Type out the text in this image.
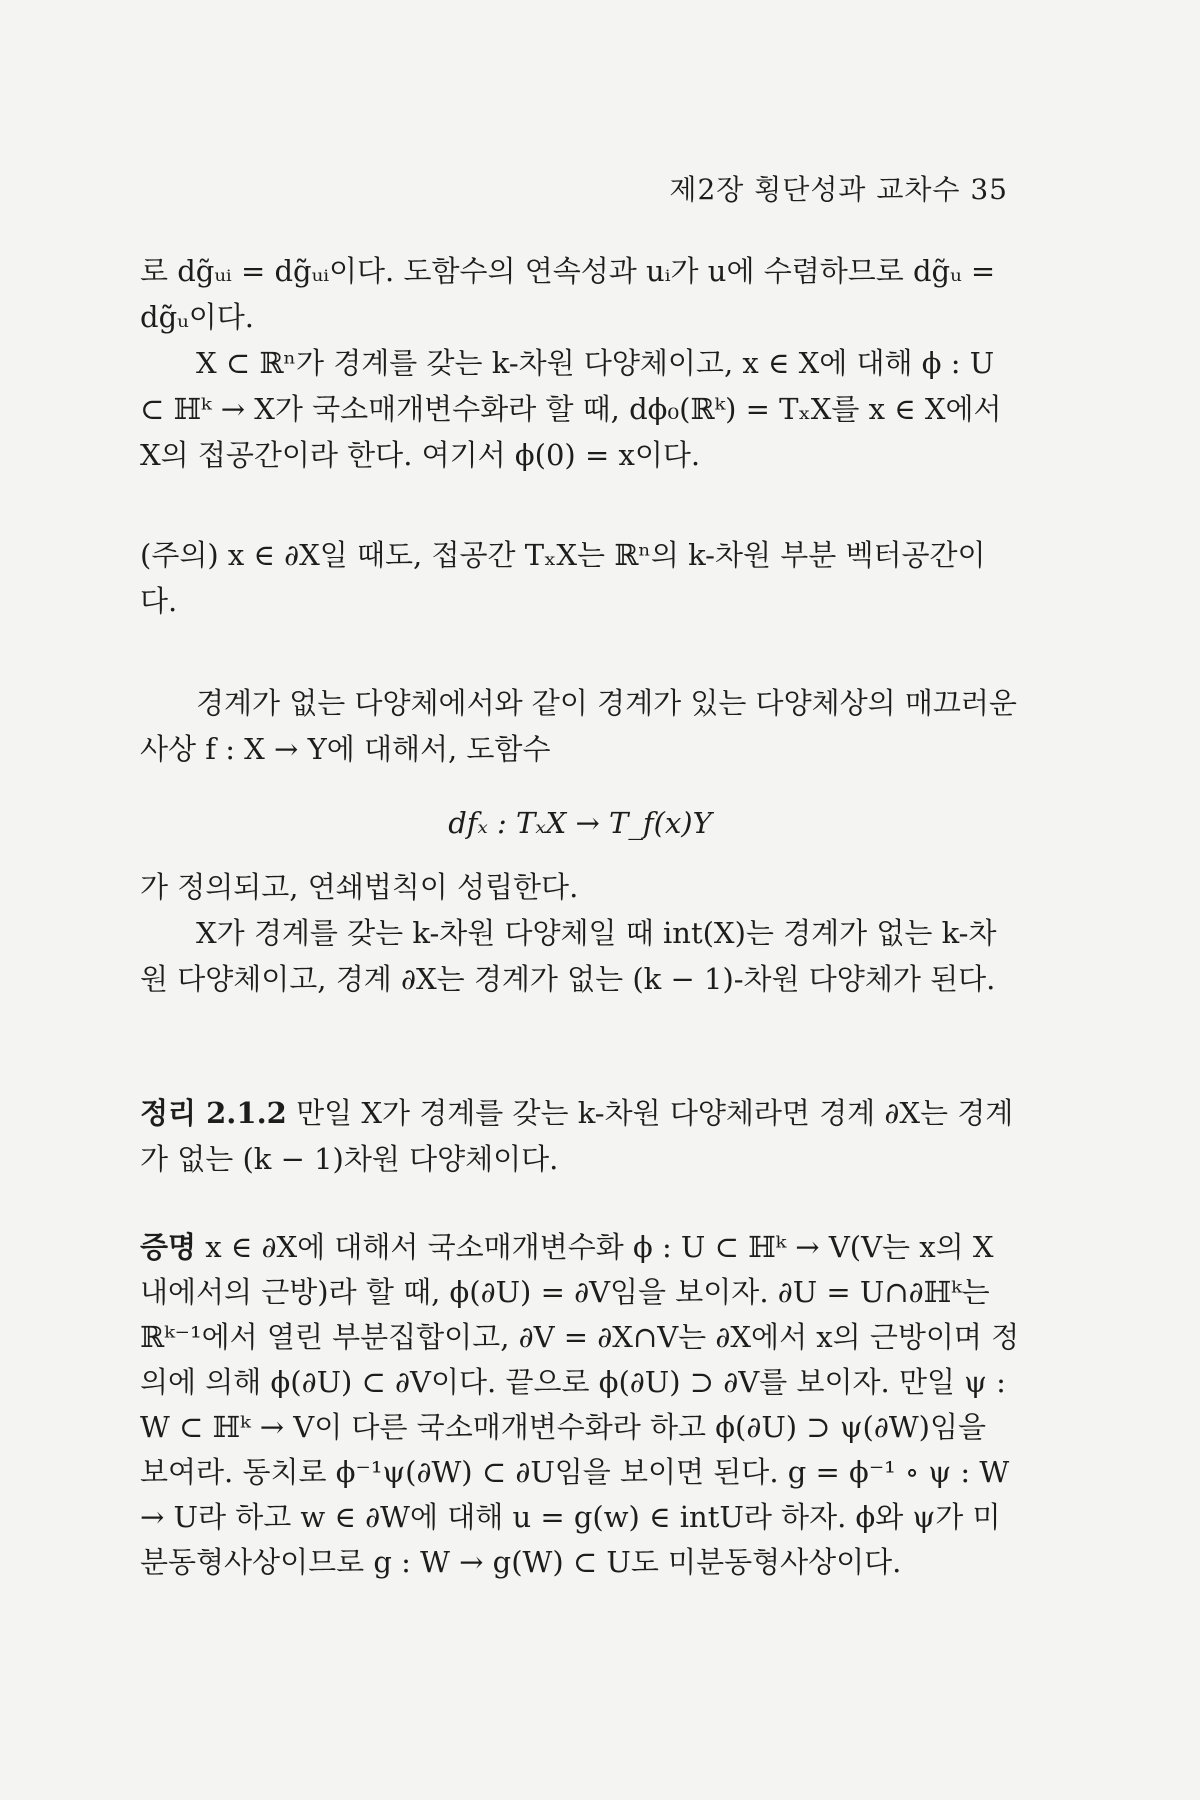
제2장 횡단성과 교차수 35

로 dg̃ᵤᵢ = dg̃̃ᵤᵢ이다. 도함수의 연속성과 uᵢ가 u에 수렴하므로 dg̃ᵤ = dg̃̃ᵤ이다.

X ⊂ ℝⁿ가 경계를 갖는 k-차원 다양체이고, x ∈ X에 대해 ϕ : U ⊂ ℍᵏ → X가 국소매개변수화라 할 때, dϕ₀(ℝᵏ) = TₓX를 x ∈ X에서 X의 접공간이라 한다. 여기서 ϕ(0) = x이다.

(주의) x ∈ ∂X일 때도, 접공간 TₓX는 ℝⁿ의 k-차원 부분 벡터공간이다.

경계가 없는 다양체에서와 같이 경계가 있는 다양체상의 매끄러운 사상 f : X → Y에 대해서, 도함수

dfₓ : TₓX → T_f(x)Y

가 정의되고, 연쇄법칙이 성립한다.

X가 경계를 갖는 k-차원 다양체일 때 int(X)는 경계가 없는 k-차원 다양체이고, 경계 ∂X는 경계가 없는 (k − 1)-차원 다양체가 된다.

정리 2.1.2 만일 X가 경계를 갖는 k-차원 다양체라면 경계 ∂X는 경계가 없는 (k − 1)차원 다양체이다.

증명 x ∈ ∂X에 대해서 국소매개변수화 ϕ : U ⊂ ℍᵏ → V(V는 x의 X내에서의 근방)라 할 때, ϕ(∂U) = ∂V임을 보이자. ∂U = U∩∂ℍᵏ는 ℝᵏ⁻¹에서 열린 부분집합이고, ∂V = ∂X∩V는 ∂X에서 x의 근방이며 정의에 의해 ϕ(∂U) ⊂ ∂V이다. 끝으로 ϕ(∂U) ⊃ ∂V를 보이자. 만일 ψ : W ⊂ ℍᵏ → V이 다른 국소매개변수화라 하고 ϕ(∂U) ⊃ ψ(∂W)임을 보여라. 동치로 ϕ⁻¹ψ(∂W) ⊂ ∂U임을 보이면 된다. g = ϕ⁻¹ ∘ ψ : W → U라 하고 w ∈ ∂W에 대해 u = g(w) ∈ intU라 하자. ϕ와 ψ가 미분동형사상이므로 g : W → g(W) ⊂ U도 미분동형사상이다.
